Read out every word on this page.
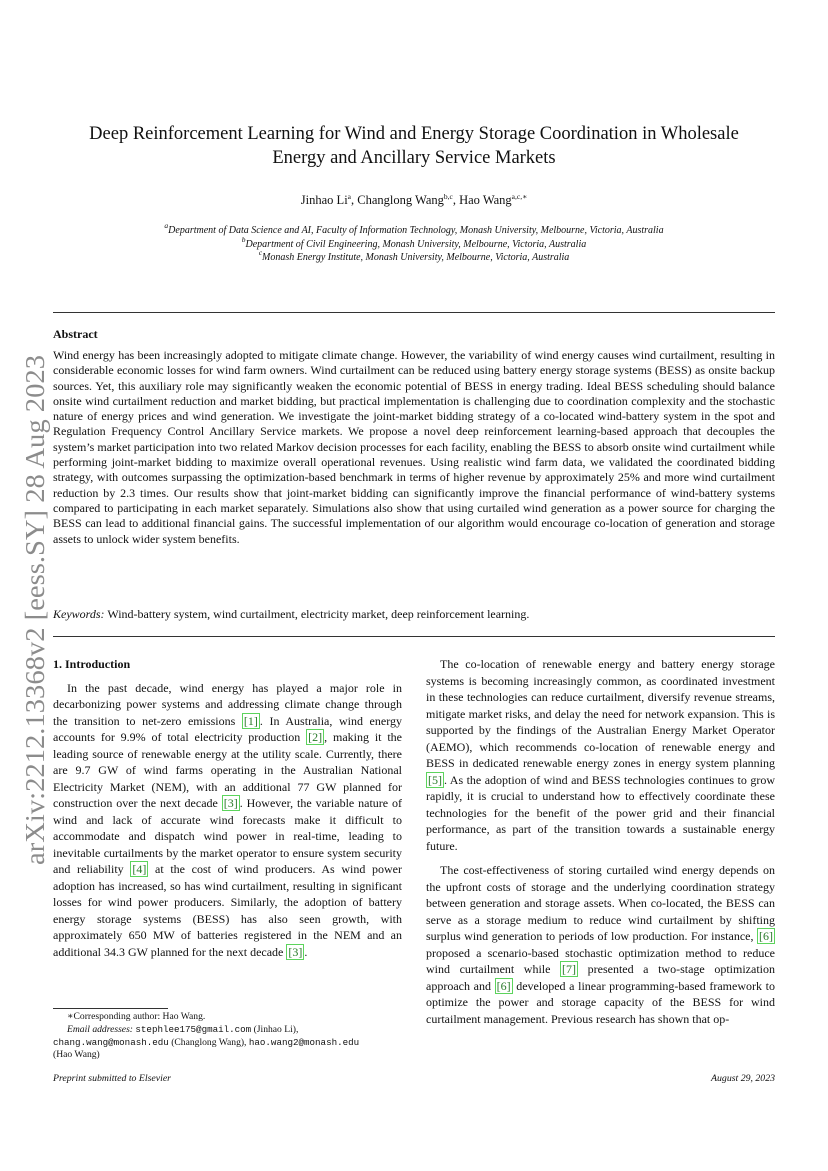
arXiv:2212.13368v2 [eess.SY] 28 Aug 2023
Deep Reinforcement Learning for Wind and Energy Storage Coordination in Wholesale
Energy and Ancillary Service Markets
Jinhao Li$^a$, Changlong Wang$^{b,c}$, Hao Wang$^{a,c,∗}$
$^a$Department of Data Science and AI, Faculty of Information Technology, Monash University, Melbourne, Victoria, Australia
$^b$Department of Civil Engineering, Monash University, Melbourne, Victoria, Australia
$^c$Monash Energy Institute, Monash University, Melbourne, Victoria, Australia
Abstract

Wind energy has been increasingly adopted to mitigate climate change. However, the variability of wind energy causes wind curtailment, resulting in considerable economic losses for wind farm owners. Wind curtailment can be reduced using battery energy storage systems (BESS) as onsite backup sources. Yet, this auxiliary role may significantly weaken the economic potential of BESS in energy trading. Ideal BESS scheduling should balance onsite wind curtailment reduction and market bidding, but practical implementation is challenging due to coordination complexity and the stochastic nature of energy prices and wind generation. We investigate the joint-market bidding strategy of a co-located wind-battery system in the spot and Regulation Frequency Control Ancillary Service markets. We propose a novel deep reinforcement learning-based approach that decouples the system’s market participation into two related Markov decision processes for each facility, enabling the BESS to absorb onsite wind curtailment while performing joint-market bidding to maximize overall operational revenues. Using realistic wind farm data, we validated the coordinated bidding strategy, with outcomes surpassing the optimization-based benchmark in terms of higher revenue by approximately 25% and more wind curtailment reduction by 2.3 times. Our results show that joint-market bidding can significantly improve the financial performance of wind-battery systems compared to participating in each market separately. Simulations also show that using curtailed wind generation as a power source for charging the BESS can lead to additional financial gains. The successful implementation of our algorithm would encourage co-location of generation and storage assets to unlock wider system benefits.

Keywords: Wind-battery system, wind curtailment, electricity market, deep reinforcement learning.
1. Introduction

In the past decade, wind energy has played a major role in decarbonizing power systems and addressing climate change through the transition to net-zero emissions [1] . In Australia, wind energy accounts for 9.9% of total electricity production [2] , making it the leading source of renewable energy at the utility scale. Currently, there are 9.7 GW of wind farms operating in the Australian National Electricity Market (NEM), with an additional 77 GW planned for construction over the next decade [3] . However, the variable nature of wind and lack of accurate wind forecasts make it difficult to accommodate and dispatch wind power in real-time, leading to inevitable curtailments by the market operator to ensure system security and reliability [4] at the cost of wind producers. As wind power adoption has increased, so has wind curtailment, resulting in significant losses for wind power producers. Similarly, the adoption of battery energy storage systems (BESS) has also seen growth, with approximately 650 MW of batteries registered in the NEM and an additional 34.3 GW planned for the next decade [3] .

The co-location of renewable energy and battery energy storage systems is becoming increasingly common, as coordinated investment in these technologies can reduce curtailment, diversify revenue streams, mitigate market risks, and delay the need for network expansion. This is supported by the findings of the Australian Energy Market Operator (AEMO), which recommends co-location of renewable energy and BESS in dedicated renewable energy zones in energy system planning [5] . As the adoption of wind and BESS technologies continues to grow rapidly, it is crucial to understand how to effectively coordinate these technologies for the benefit of the power grid and their financial performance, as part of the transition towards a sustainable energy future.

The cost-effectiveness of storing curtailed wind energy depends on the upfront costs of storage and the underlying coordination strategy between generation and storage assets. When co-located, the BESS can serve as a storage medium to reduce wind curtailment by shifting surplus wind generation to periods of low production. For instance, [6] proposed a scenario-based stochastic optimization method to reduce wind curtailment while [7] presented a two-stage optimization approach and [6] developed a linear programming-based framework to optimize the power and storage capacity of the BESS for wind curtailment management. Previous research has shown that op-

∗Corresponding author: Hao Wang.
Email addresses: stephlee175@gmail.com (Jinhao Li),
chang.wang@monash.edu (Changlong Wang), hao.wang2@monash.edu
(Hao Wang)
Preprint submitted to Elsevier	August 29, 2023
